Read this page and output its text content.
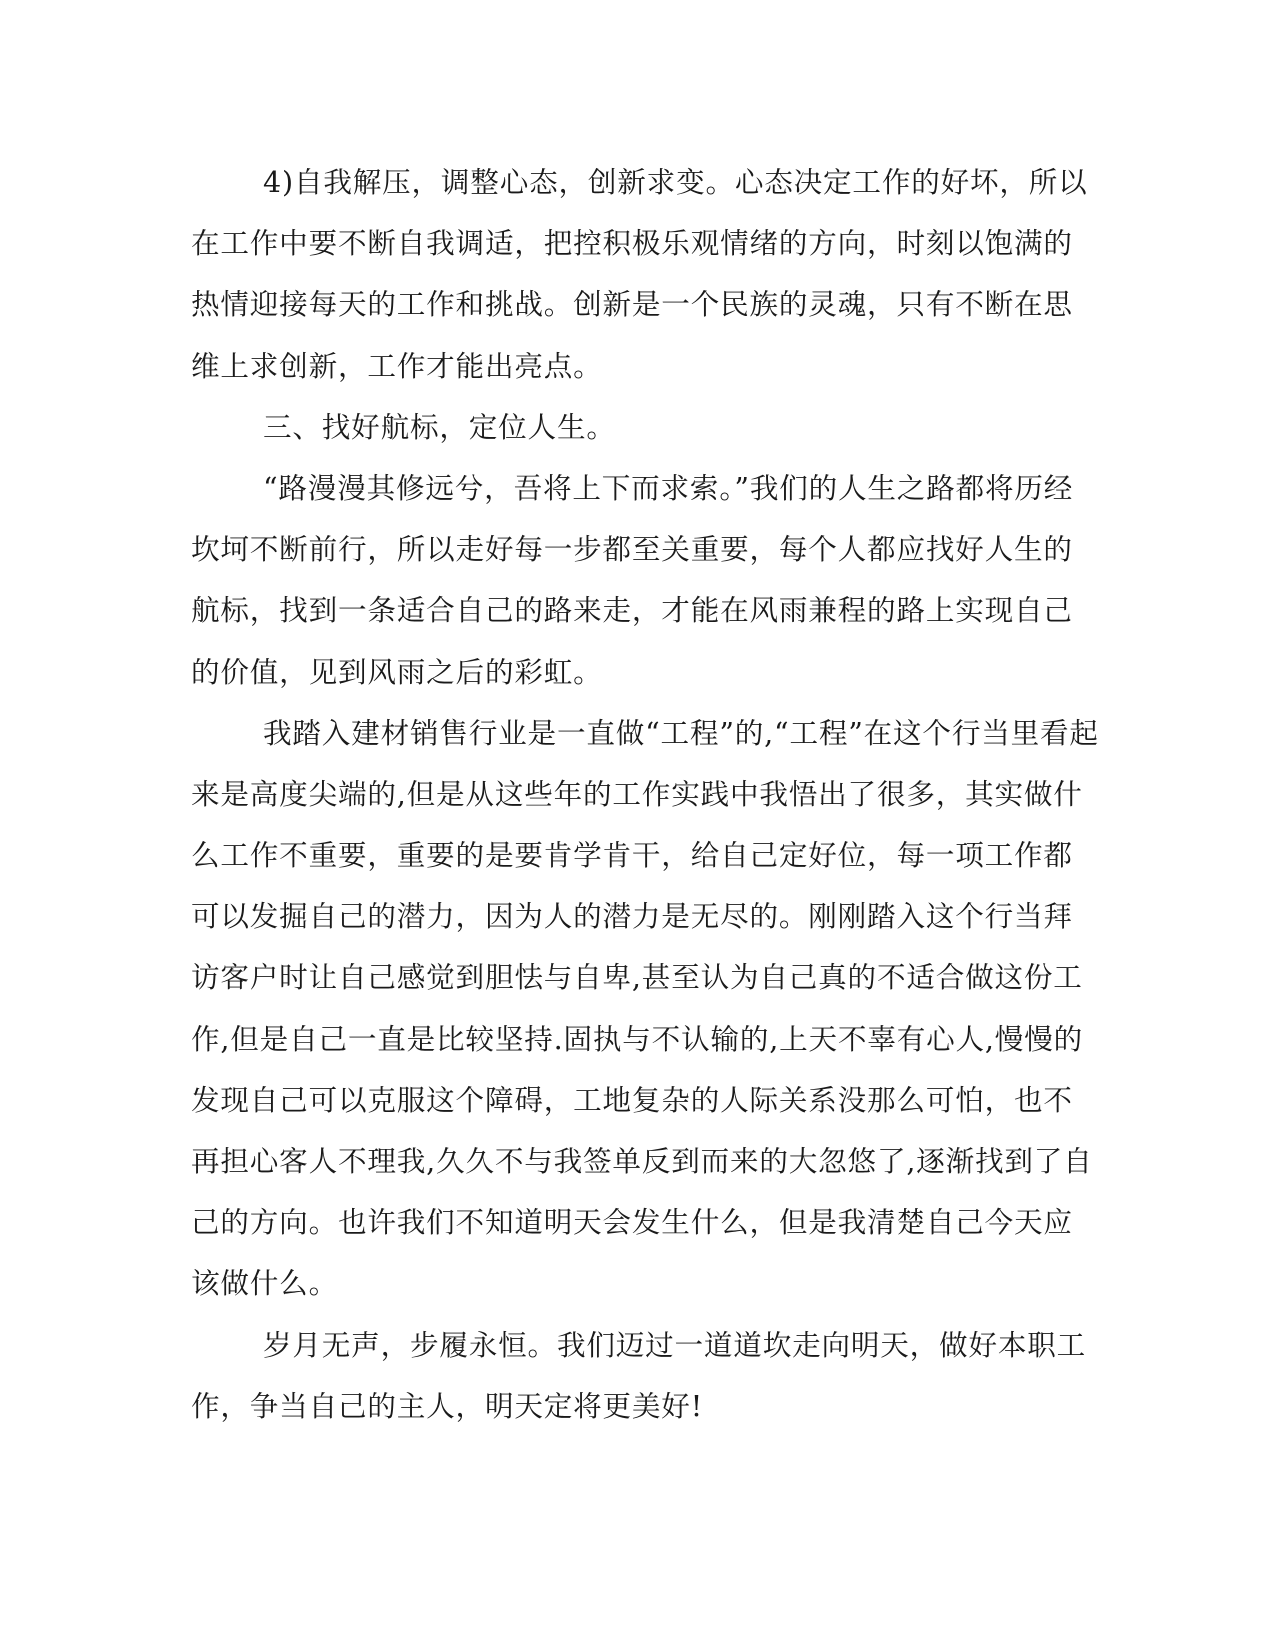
4)自我解压，调整心态，创新求变。心态决定工作的好坏，所以
在工作中要不断自我调适，把控积极乐观情绪的方向，时刻以饱满的
热情迎接每天的工作和挑战。创新是一个民族的灵魂，只有不断在思
维上求创新，工作才能出亮点。
三、找好航标，定位人生。
“路漫漫其修远兮，吾将上下而求索。”我们的人生之路都将历经
坎坷不断前行，所以走好每一步都至关重要，每个人都应找好人生的
航标，找到一条适合自己的路来走，才能在风雨兼程的路上实现自己
的价值，见到风雨之后的彩虹。
我踏入建材销售行业是一直做“工程”的,“工程”在这个行当里看起
来是高度尖端的,但是从这些年的工作实践中我悟出了很多，其实做什
么工作不重要，重要的是要肯学肯干，给自己定好位，每一项工作都
可以发掘自己的潜力，因为人的潜力是无尽的。刚刚踏入这个行当拜
访客户时让自己感觉到胆怯与自卑,甚至认为自己真的不适合做这份工
作,但是自己一直是比较坚持.固执与不认输的,上天不辜有心人,慢慢的
发现自己可以克服这个障碍，工地复杂的人际关系没那么可怕，也不
再担心客人不理我,久久不与我签单反到而来的大忽悠了,逐渐找到了自
己的方向。也许我们不知道明天会发生什么，但是我清楚自己今天应
该做什么。
岁月无声，步履永恒。我们迈过一道道坎走向明天，做好本职工
作，争当自己的主人，明天定将更美好!
